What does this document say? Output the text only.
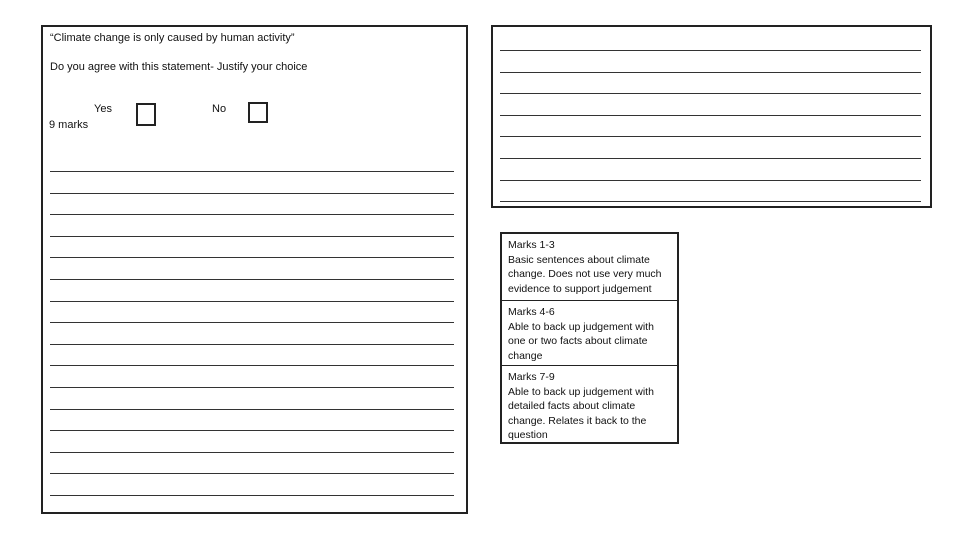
“Climate change is only caused by human activity”
Do you agree with this statement- Justify your choice
Yes	No
9 marks
Marks 1-3
Basic sentences about climate change. Does not use very much evidence to support judgement
Marks 4-6
Able to back up judgement with one or two facts about climate change
Marks 7-9
Able to back up judgement with detailed facts about climate change. Relates it back to the question
